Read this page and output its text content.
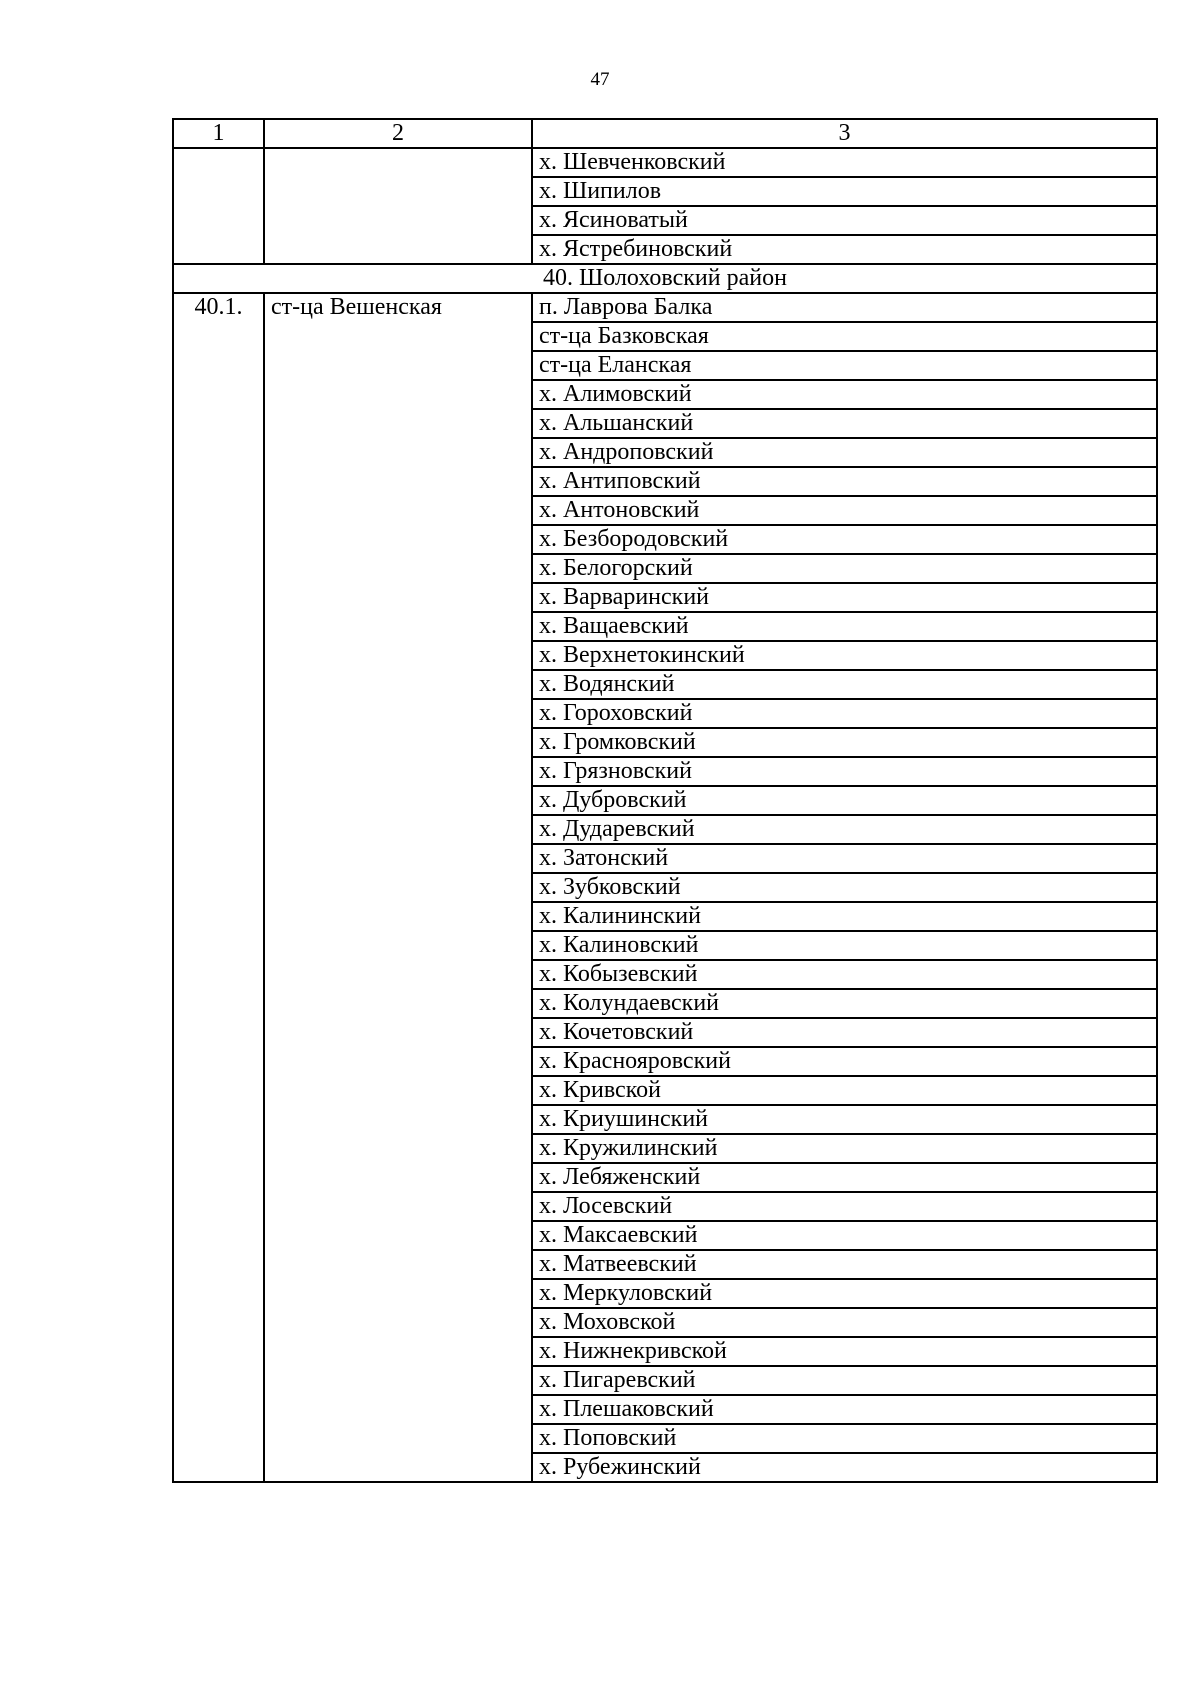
47
1	2	3
		х. Шевченковский
		х. Шипилов
		х. Ясиноватый
		х. Ястребиновский
40. Шолоховский район		
40.1.	ст-ца Вешенская	п. Лаврова Балка
		ст-ца Базковская
		ст-ца Еланская
		х. Алимовский
		х. Альшанский
		х. Андроповский
		х. Антиповский
		х. Антоновский
		х. Безбородовский
		х. Белогорский
		х. Варваринский
		х. Ващаевский
		х. Верхнетокинский
		х. Водянский
		х. Гороховский
		х. Громковский
		х. Грязновский
		х. Дубровский
		х. Дударевский
		х. Затонский
		х. Зубковский
		х. Калининский
		х. Калиновский
		х. Кобызевский
		х. Колундаевский
		х. Кочетовский
		х. Краснояровский
		х. Кривской
		х. Криушинский
		х. Кружилинский
		х. Лебяженский
		х. Лосевский
		х. Максаевский
		х. Матвеевский
		х. Меркуловский
		х. Моховской
		х. Нижнекривской
		х. Пигаревский
		х. Плешаковский
		х. Поповский
		х. Рубежинский
